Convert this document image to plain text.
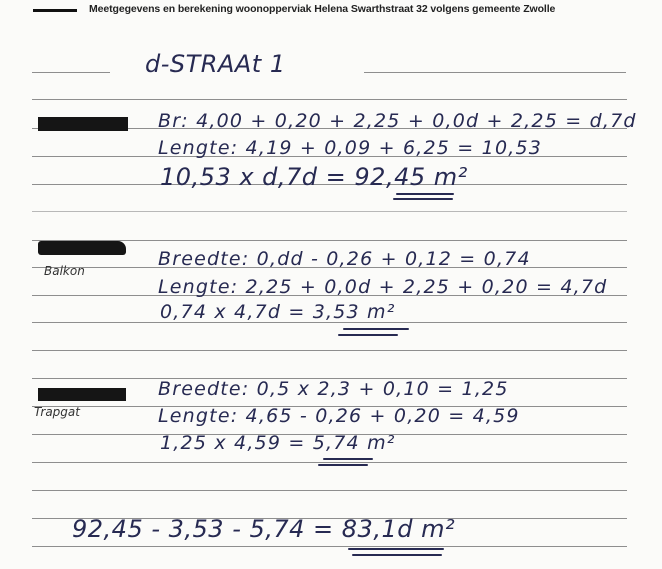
Meetgegevens en berekening woonopperviak Helena Swarthstraat 32 volgens gemeente Zwolle
d-STRAAt 1
Br: 4,00 + 0,20 + 2,25 + 0,0d + 2,25 = d,7d
Lengte: 4,19 + 0,09 + 6,25 = 10,53
10,53 x d,7d = 92,45 m²
Balkon
Breedte: 0,dd - 0,26 + 0,12 = 0,74
Lengte: 2,25 + 0,0d + 2,25 + 0,20 = 4,7d
0,74 x 4,7d = 3,53 m²
Trapgat
Breedte: 0,5 x 2,3 + 0,10 = 1,25
Lengte: 4,65 - 0,26 + 0,20 = 4,59
1,25 x 4,59 = 5,74 m²
92,45 - 3,53 - 5,74 = 83,1d m²
